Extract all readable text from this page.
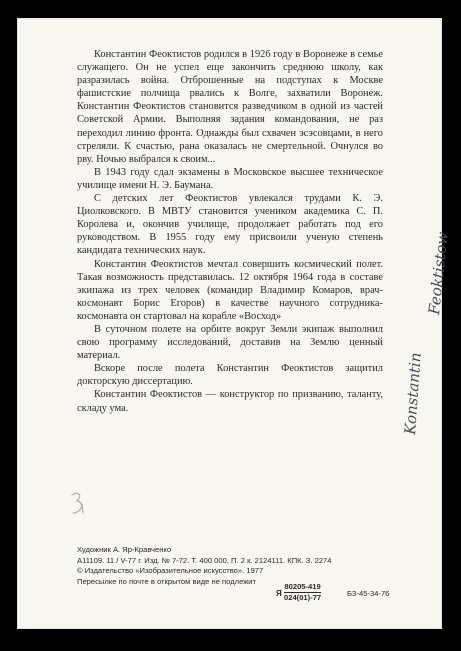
Константин Феоктистов родился в 1926 году в Воронеже в семье служащего. Он не успел еще закончить среднюю школу, как разразилась война. Отброшенные на подступах к Москве фашистские полчища рвались к Волге, захватили Воронеж. Константин Феоктистов становится разведчиком в одной из частей Советской Армии. Выполняя задания командования, не раз переходил линию фронта. Однажды был схвачен эсэсовцами, в него стреляли. К счастью, рана оказалась не смертельной. Очнулся во рву. Ночью выбрался к своим...

В 1943 году сдал экзамены в Московское высшее техническое училище имени Н. Э. Баумана.

С детских лет Феоктистов увлекался трудами К. Э. Циолковского. В МВТУ становится учеником академика С. П. Королева и, окончив училище, продолжает работать под его руководством. В 1955 году ему присвоили ученую степень кандидата технических наук.

Константин Феоктистов мечтал совершить космический полет. Такая возможность представилась. 12 октября 1964 года в составе экипажа из трех человек (командир Владимир Комаров, врач-космонавт Борис Егоров) в качестве научного сотрудника-космонавта он стартовал на корабле «Восход»

В суточном полете на орбите вокруг Земли экипаж выполнил свою программу исследований, доставив на Землю ценный материал.

Вскоре после полета Константин Феоктистов защитил докторскую диссертацию.

Константин Феоктистов — конструктор по призванию, таланту, складу ума.	Konstantin
Feoktistow
Художник А. Яр-Кравченко
А11109. 11 / V-77 г. Изд. № 7-72. Т. 400 000. П. 2 к. 2124111. КПК. З. 2274
© Издательство «Изобразительное искусство». 1977
Пересылке по почте в открытом виде не подлежит
Я $\frac{80205-419}{024(01)-77}$	БЗ-45-34-76
